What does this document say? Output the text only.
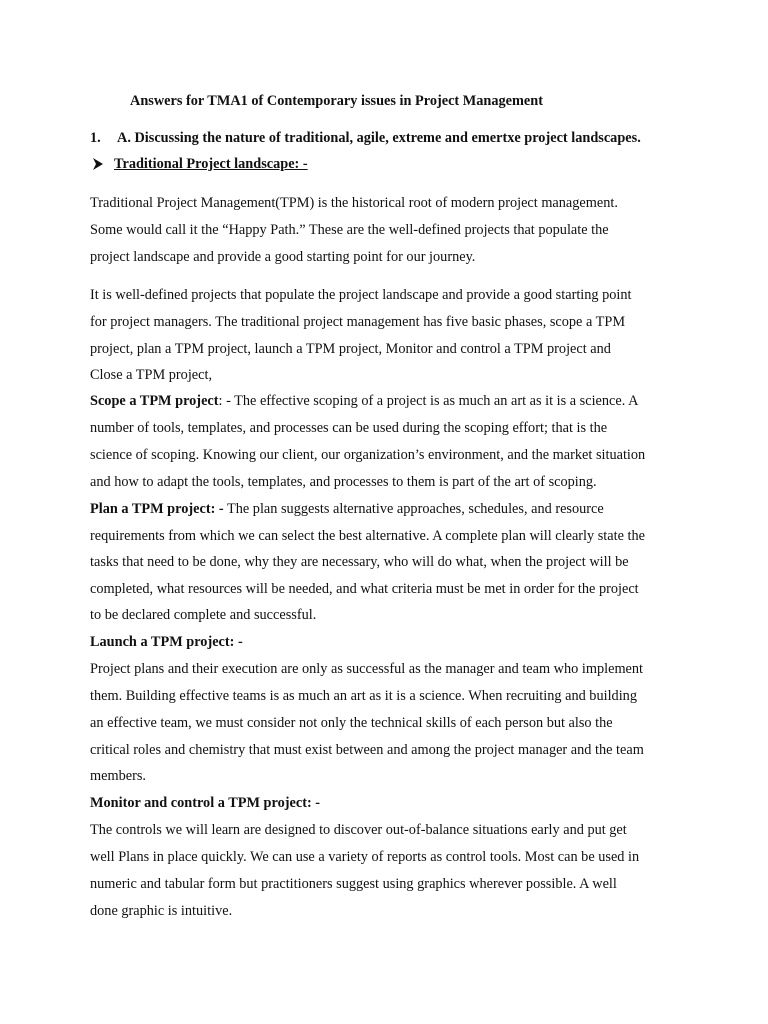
Answers for TMA1 of Contemporary issues in Project Management
1. A. Discussing the nature of traditional, agile, extreme and emertxe project landscapes.
Traditional Project landscape: -
Traditional Project Management(TPM) is the historical root of modern project management.
Some would call it the “Happy Path.” These are the well-defined projects that populate the
project landscape and provide a good starting point for our journey.
It is well-defined projects that populate the project landscape and provide a good starting point
for project managers. The traditional project management has five basic phases, scope a TPM
project, plan a TPM project, launch a TPM project, Monitor and control a TPM project and
Close a TPM project,
Scope a TPM project: - The effective scoping of a project is as much an art as it is a science. A
number of tools, templates, and processes can be used during the scoping effort; that is the
science of scoping. Knowing our client, our organization’s environment, and the market situation
and how to adapt the tools, templates, and processes to them is part of the art of scoping.
Plan a TPM project: - The plan suggests alternative approaches, schedules, and resource
requirements from which we can select the best alternative. A complete plan will clearly state the
tasks that need to be done, why they are necessary, who will do what, when the project will be
completed, what resources will be needed, and what criteria must be met in order for the project
to be declared complete and successful.
Launch a TPM project: -
Project plans and their execution are only as successful as the manager and team who implement
them. Building effective teams is as much an art as it is a science. When recruiting and building
an effective team, we must consider not only the technical skills of each person but also the
critical roles and chemistry that must exist between and among the project manager and the team
members.
Monitor and control a TPM project: -
The controls we will learn are designed to discover out-of-balance situations early and put get
well Plans in place quickly. We can use a variety of reports as control tools. Most can be used in
numeric and tabular form but practitioners suggest using graphics wherever possible. A well
done graphic is intuitive.
